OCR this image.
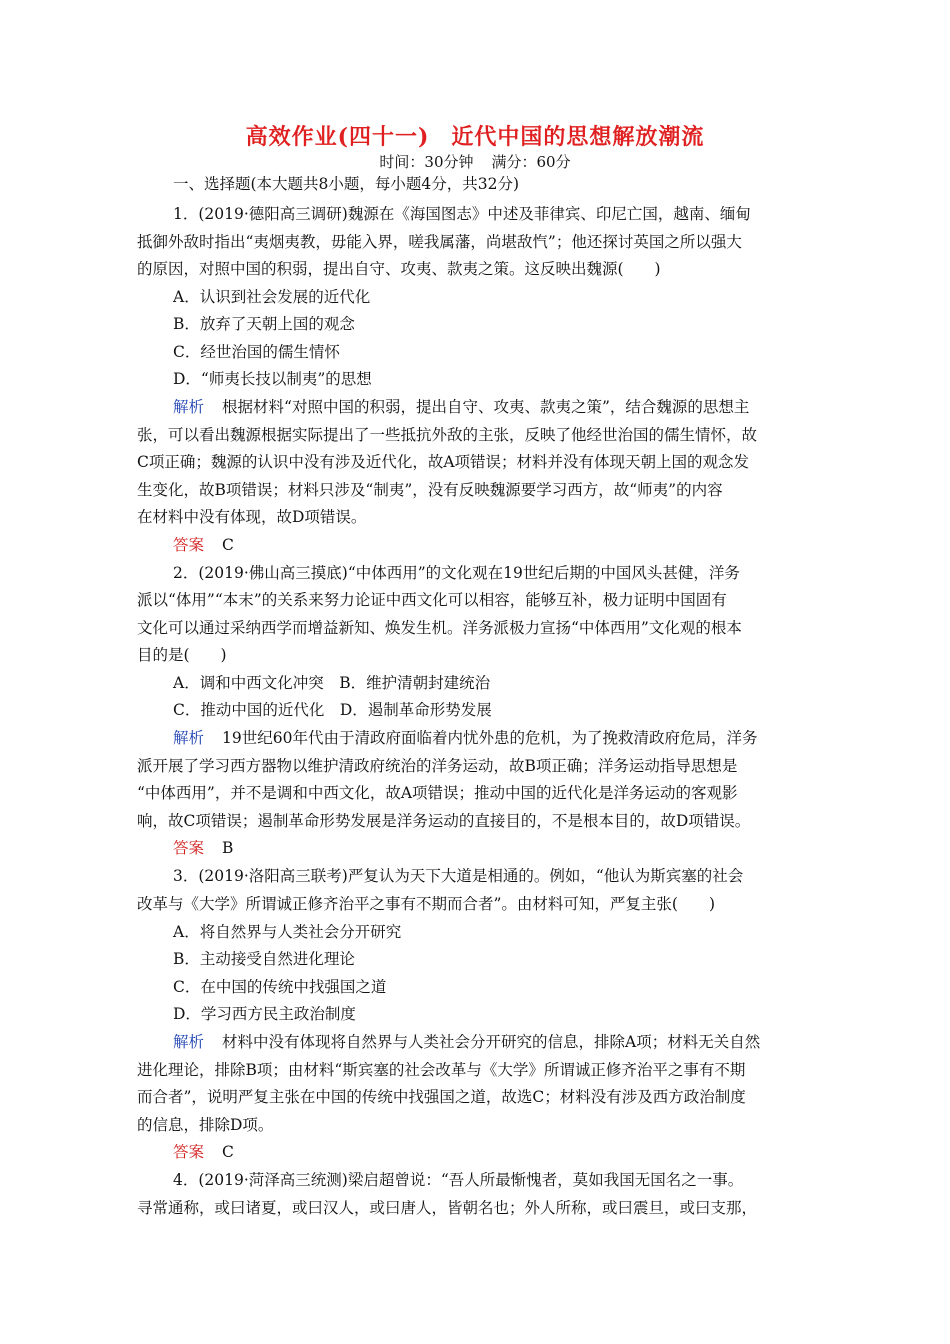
高效作业(四十一) 近代中国的思想解放潮流
时间：30分钟 满分：60分
一、选择题(本大题共8小题，每小题4分，共32分)
1．(2019·德阳高三调研)魏源在《海国图志》中述及菲律宾、印尼亡国，越南、缅甸
抵御外敌时指出“夷烟夷教，毋能入界，嗟我属藩，尚堪敌忾”；他还探讨英国之所以强大
的原因，对照中国的积弱，提出自守、攻夷、款夷之策。这反映出魏源(　　)
A．认识到社会发展的近代化
B．放弃了天朝上国的观念
C．经世治国的儒生情怀
D．“师夷长技以制夷”的思想
解析 根据材料“对照中国的积弱，提出自守、攻夷、款夷之策”，结合魏源的思想主
张，可以看出魏源根据实际提出了一些抵抗外敌的主张，反映了他经世治国的儒生情怀，故
C项正确；魏源的认识中没有涉及近代化，故A项错误；材料并没有体现天朝上国的观念发
生变化，故B项错误；材料只涉及“制夷”，没有反映魏源要学习西方，故“师夷”的内容
在材料中没有体现，故D项错误。
答案 C
2．(2019·佛山高三摸底)“中体西用”的文化观在19世纪后期的中国风头甚健，洋务
派以“体用”“本末”的关系来努力论证中西文化可以相容，能够互补，极力证明中国固有
文化可以通过采纳西学而增益新知、焕发生机。洋务派极力宣扬“中体西用”文化观的根本
目的是(　　)
A．调和中西文化冲突　B．维护清朝封建统治
C．推动中国的近代化　D．遏制革命形势发展
解析 19世纪60年代由于清政府面临着内忧外患的危机，为了挽救清政府危局，洋务
派开展了学习西方器物以维护清政府统治的洋务运动，故B项正确；洋务运动指导思想是
“中体西用”，并不是调和中西文化，故A项错误；推动中国的近代化是洋务运动的客观影
响，故C项错误；遏制革命形势发展是洋务运动的直接目的，不是根本目的，故D项错误。
答案 B
3．(2019·洛阳高三联考)严复认为天下大道是相通的。例如，“他认为斯宾塞的社会
改革与《大学》所谓诚正修齐治平之事有不期而合者”。由材料可知，严复主张(　　)
A．将自然界与人类社会分开研究
B．主动接受自然进化理论
C．在中国的传统中找强国之道
D．学习西方民主政治制度
解析 材料中没有体现将自然界与人类社会分开研究的信息，排除A项；材料无关自然
进化理论，排除B项；由材料“斯宾塞的社会改革与《大学》所谓诚正修齐治平之事有不期
而合者”，说明严复主张在中国的传统中找强国之道，故选C；材料没有涉及西方政治制度
的信息，排除D项。
答案 C
4．(2019·菏泽高三统测)梁启超曾说：“吾人所最惭愧者，莫如我国无国名之一事。
寻常通称，或曰诸夏，或曰汉人，或曰唐人，皆朝名也；外人所称，或曰震旦，或曰支那，
